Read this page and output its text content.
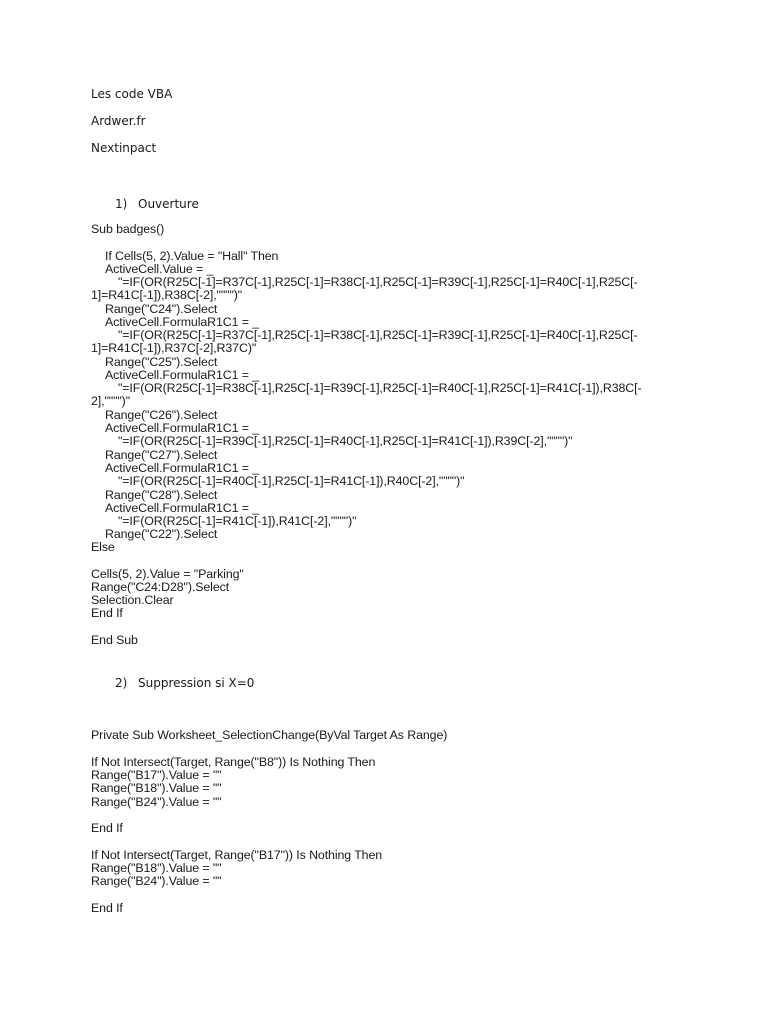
Les code VBA
Ardwer.fr
Nextinpact
1) Ouverture
Sub badges()
If Cells(5, 2).Value = "Hall" Then
ActiveCell.Value = _
"=IF(OR(R25C[-1]=R37C[-1],R25C[-1]=R38C[-1],R25C[-1]=R39C[-1],R25C[-1]=R40C[-1],R25C[-
1]=R41C[-1]),R38C[-2],"""")"
Range("C24").Select
ActiveCell.FormulaR1C1 = _
"=IF(OR(R25C[-1]=R37C[-1],R25C[-1]=R38C[-1],R25C[-1]=R39C[-1],R25C[-1]=R40C[-1],R25C[-
1]=R41C[-1]),R37C[-2],R37C)"
Range("C25").Select
ActiveCell.FormulaR1C1 = _
"=IF(OR(R25C[-1]=R38C[-1],R25C[-1]=R39C[-1],R25C[-1]=R40C[-1],R25C[-1]=R41C[-1]),R38C[-
2],"""")"
Range("C26").Select
ActiveCell.FormulaR1C1 = _
"=IF(OR(R25C[-1]=R39C[-1],R25C[-1]=R40C[-1],R25C[-1]=R41C[-1]),R39C[-2],"""")"
Range("C27").Select
ActiveCell.FormulaR1C1 = _
"=IF(OR(R25C[-1]=R40C[-1],R25C[-1]=R41C[-1]),R40C[-2],"""")"
Range("C28").Select
ActiveCell.FormulaR1C1 = _
"=IF(OR(R25C[-1]=R41C[-1]),R41C[-2],"""")"
Range("C22").Select
Else
Cells(5, 2).Value = "Parking"
Range("C24:D28").Select
Selection.Clear
End If
End Sub
2) Suppression si X=0
Private Sub Worksheet_SelectionChange(ByVal Target As Range)
If Not Intersect(Target, Range("B8")) Is Nothing Then
Range("B17").Value = ""
Range("B18").Value = ""
Range("B24").Value = ""
End If
If Not Intersect(Target, Range("B17")) Is Nothing Then
Range("B18").Value = ""
Range("B24").Value = ""
End If
